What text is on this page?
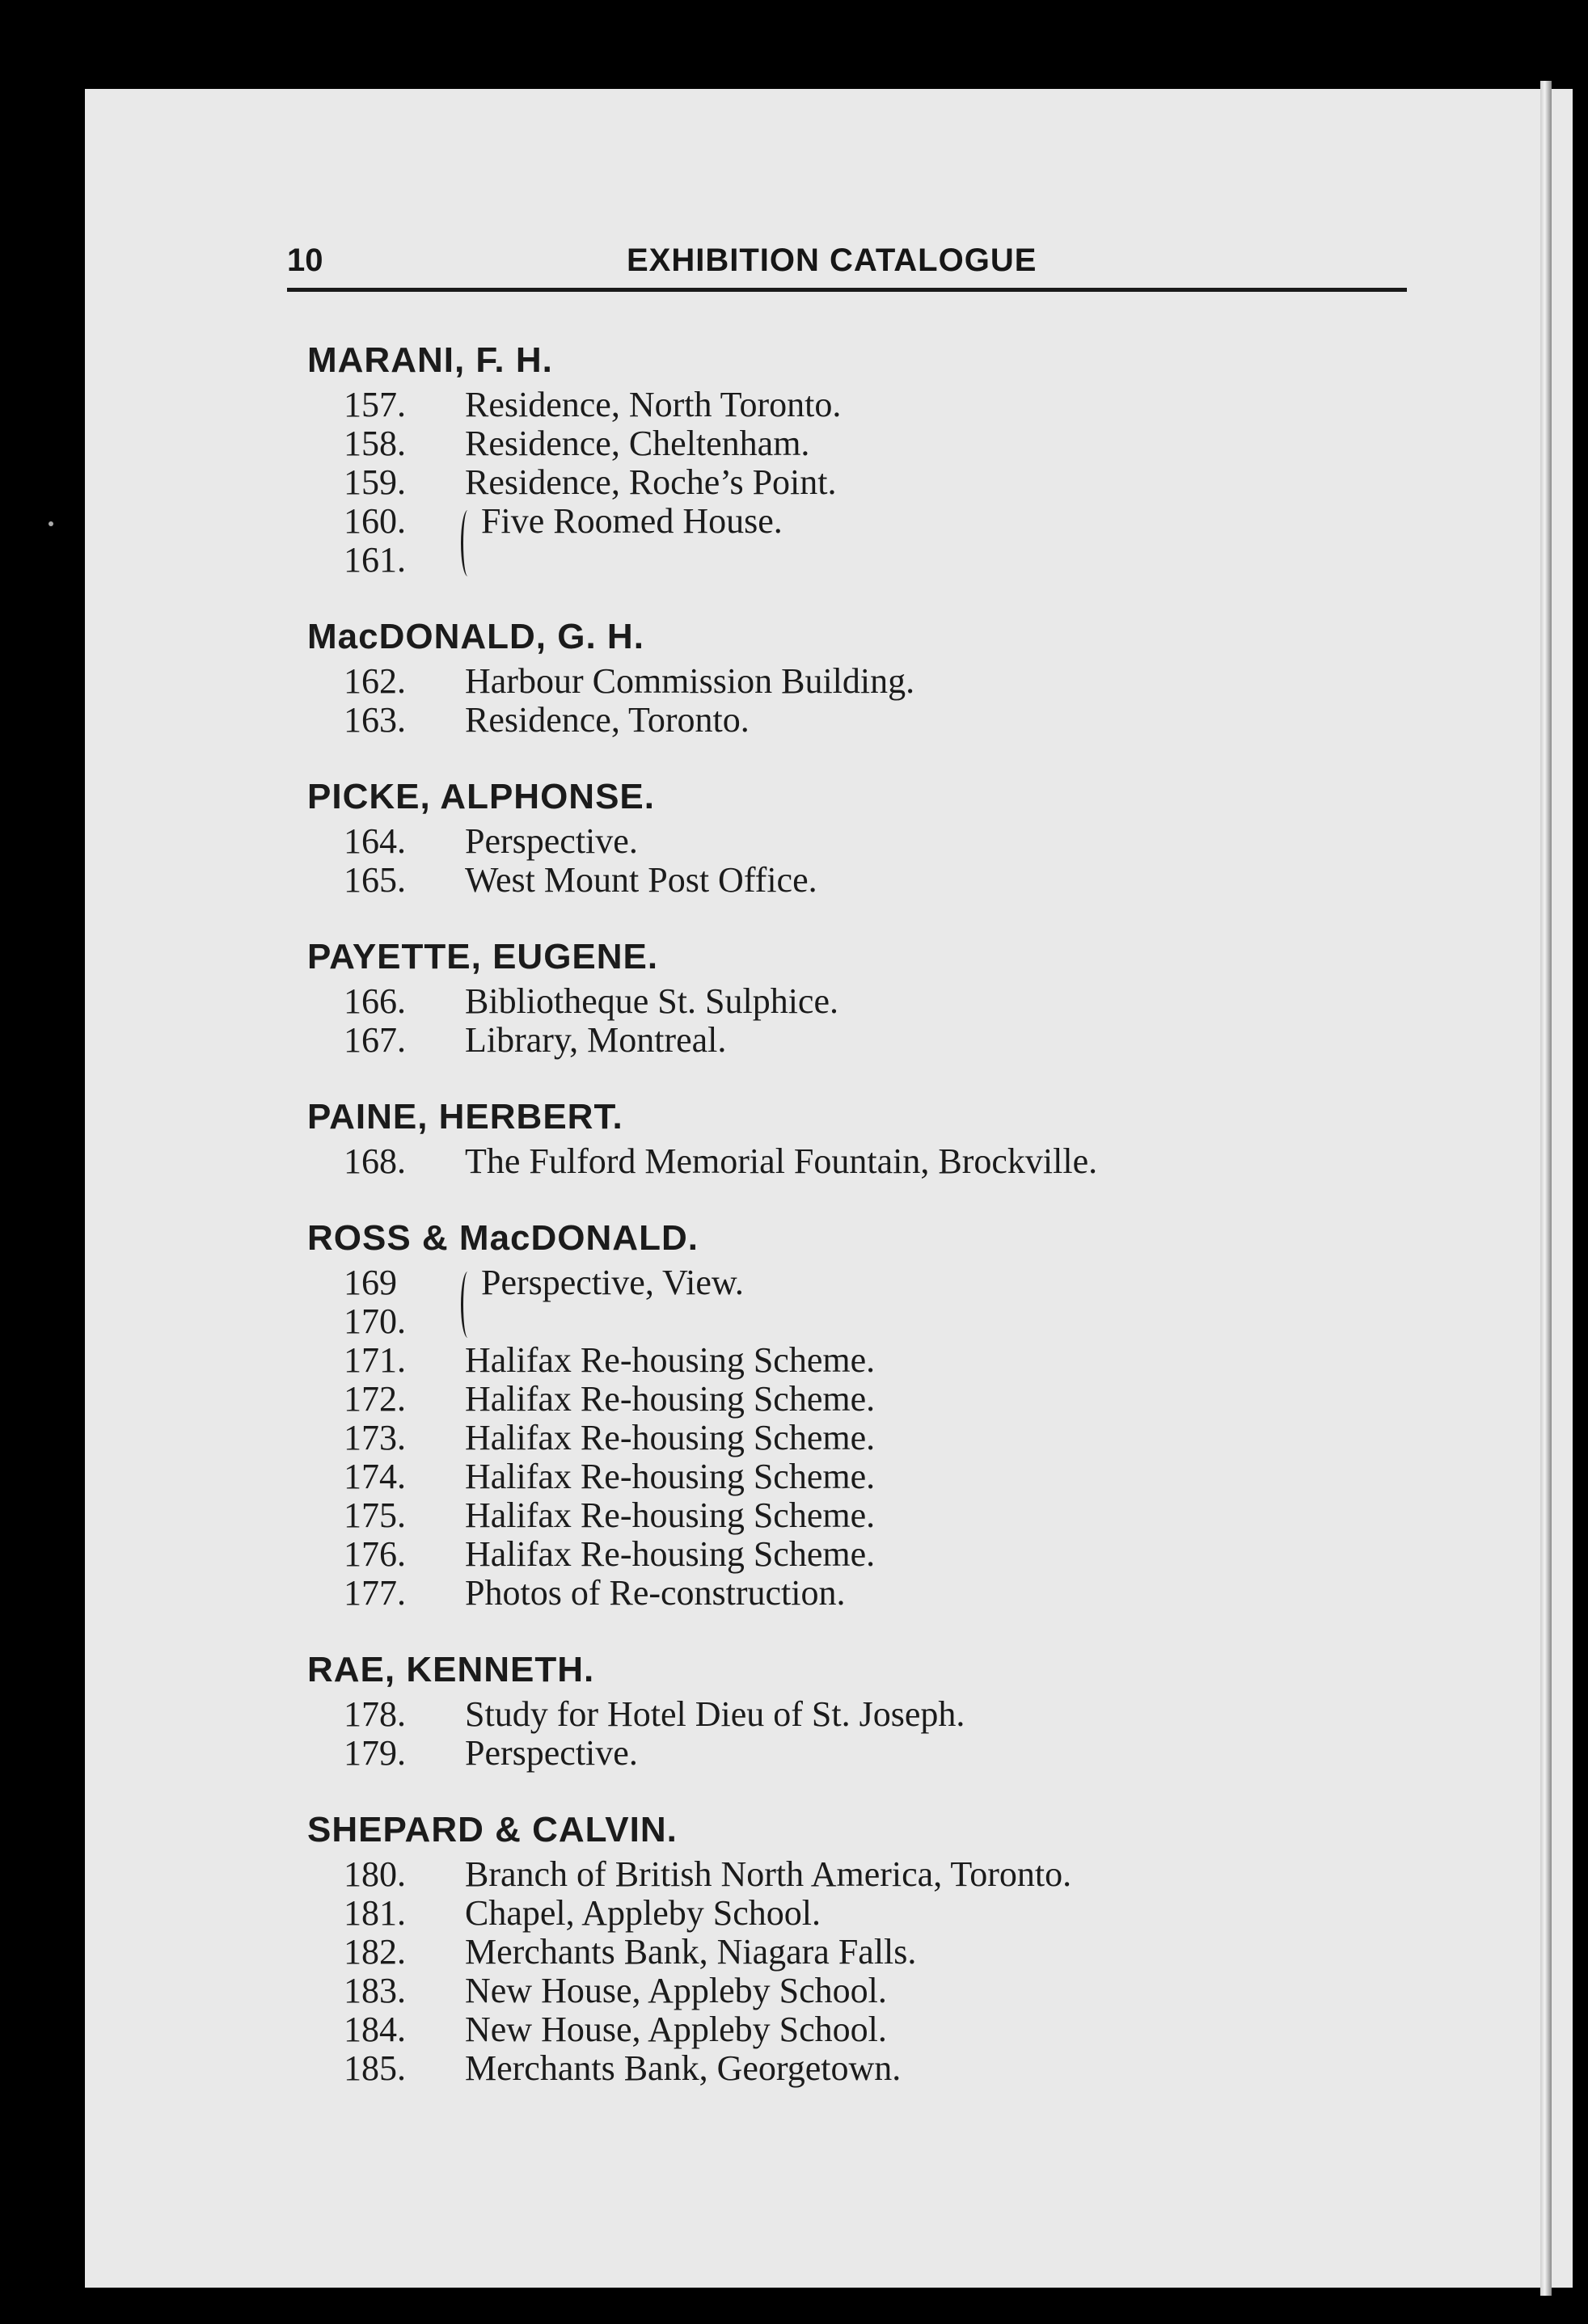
10	EXHIBITION CATALOGUE
MARANI, F. H.
157.	Residence, North Toronto.
158.	Residence, Cheltenham.
159.	Residence, Roche’s Point.
160.	Five Roomed House.
161.
MacDONALD, G. H.
162.	Harbour Commission Building.
163.	Residence, Toronto.
PICKE, ALPHONSE.
164.	Perspective.
165.	West Mount Post Office.
PAYETTE, EUGENE.
166.	Bibliotheque St. Sulphice.
167.	Library, Montreal.
PAINE, HERBERT.
168.	The Fulford Memorial Fountain, Brockville.
ROSS & MacDONALD.
169	Perspective, View.
170.
171.	Halifax Re-housing Scheme.
172.	Halifax Re-housing Scheme.
173.	Halifax Re-housing Scheme.
174.	Halifax Re-housing Scheme.
175.	Halifax Re-housing Scheme.
176.	Halifax Re-housing Scheme.
177.	Photos of Re-construction.
RAE, KENNETH.
178.	Study for Hotel Dieu of St. Joseph.
179.	Perspective.
SHEPARD & CALVIN.
180.	Branch of British North America, Toronto.
181.	Chapel, Appleby School.
182.	Merchants Bank, Niagara Falls.
183.	New House, Appleby School.
184.	New House, Appleby School.
185.	Merchants Bank, Georgetown.
